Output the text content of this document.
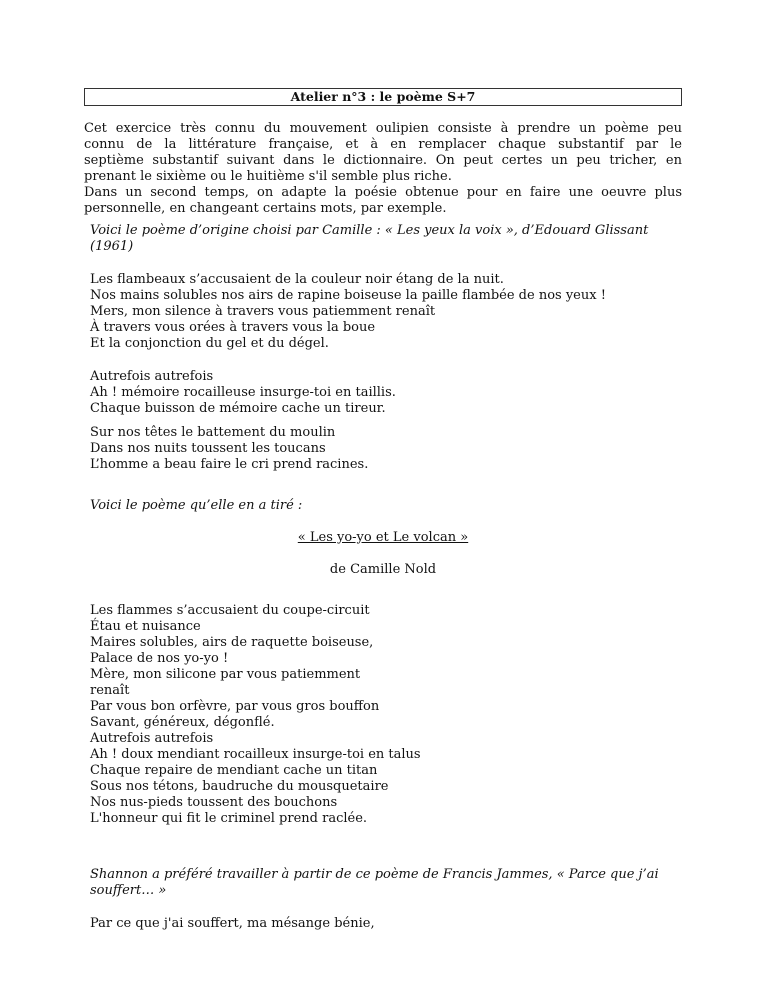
Atelier n°3 : le poème S+7

Cet exercice très connu du mouvement oulipien consiste à prendre un poème peu
connu de la littérature française, et à en remplacer chaque substantif par le
septième substantif suivant dans le dictionnaire. On peut certes un peu tricher, en
prenant le sixième ou le huitième s'il semble plus riche.
Dans un second temps, on adapte la poésie obtenue pour en faire une oeuvre plus
personnelle, en changeant certains mots, par exemple.

Voici le poème d’origine choisi par Camille : « Les yeux la voix », d’Edouard Glissant
(1961)
Les flambeaux s’accusaient de la couleur noir étang de la nuit.
Nos mains solubles nos airs de rapine boiseuse la paille flambée de nos yeux !
Mers, mon silence à travers vous patiemment renaît
À travers vous orées à travers vous la boue
Et la conjonction du gel et du dégel.
Autrefois autrefois
Ah ! mémoire rocailleuse insurge-toi en taillis.
Chaque buisson de mémoire cache un tireur.
Sur nos têtes le battement du moulin
Dans nos nuits toussent les toucans
L’homme a beau faire le cri prend racines.
Voici le poème qu’elle en a tiré :
« Les yo-yo et Le volcan »
de Camille Nold
Les flammes s’accusaient du coupe-circuit
Étau et nuisance
Maires solubles, airs de raquette boiseuse,
Palace de nos yo-yo !
Mère, mon silicone par vous patiemment
renaît
Par vous bon orfèvre, par vous gros bouffon
Savant, généreux, dégonflé.
Autrefois autrefois
Ah ! doux mendiant rocailleux insurge-toi en talus
Chaque repaire de mendiant cache un titan
Sous nos tétons, baudruche du mousquetaire
Nos nus-pieds toussent des bouchons
L'honneur qui fit le criminel prend raclée.
Shannon a préféré travailler à partir de ce poème de Francis Jammes, « Parce que j’ai
souffert… »
Par ce que j'ai souffert, ma mésange bénie,
